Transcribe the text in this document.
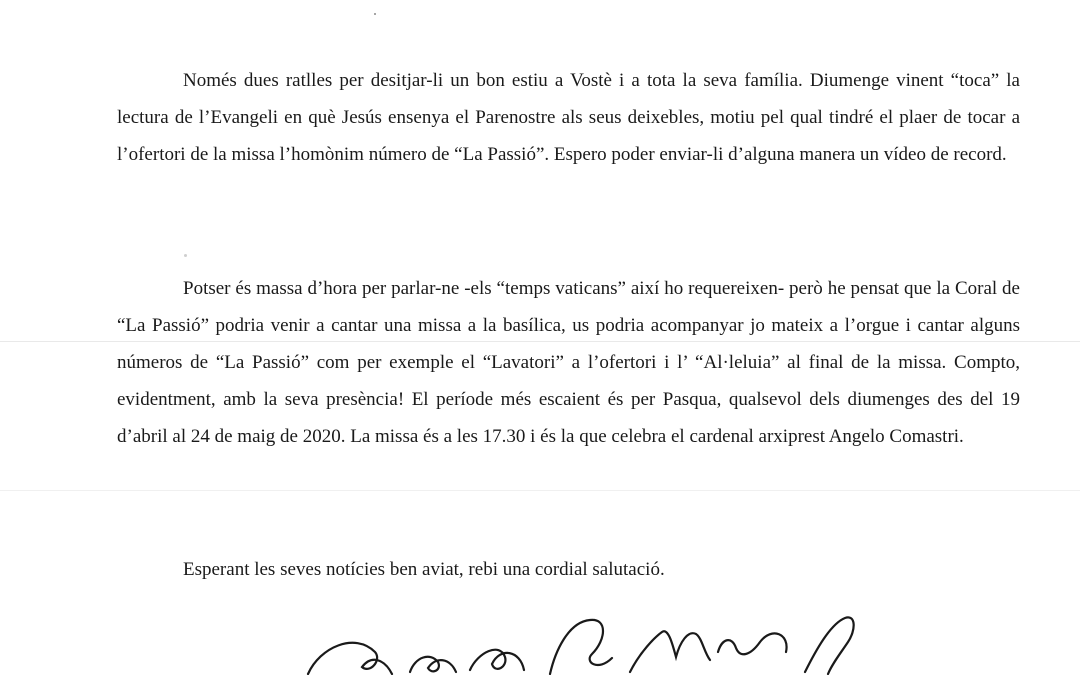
Només dues ratlles per desitjar-li un bon estiu a Vostè i a tota la seva família. Diumenge vinent “toca” la lectura de l’Evangeli en què Jesús ensenya el Parenostre als seus deixebles, motiu pel qual tindré el plaer de tocar a l’ofertori de la missa l’homònim número de “La Passió”. Espero poder enviar-li d’alguna manera un vídeo de record.

Potser és massa d’hora per parlar-ne -els “temps vaticans” així ho requereixen- però he pensat que la Coral de “La Passió” podria venir a cantar una missa a la basílica, us podria acompanyar jo mateix a l’orgue i cantar alguns números de “La Passió” com per exemple el “Lavatori” a l’ofertori i l’ “Al·leluia” al final de la missa. Compto, evidentment, amb la seva presència! El període més escaient és per Pasqua, qualsevol dels diumenges des del 19 d’abril al 24 de maig de 2020. La missa és a les 17.30 i és la que celebra el cardenal arxiprest Angelo Comastri.

Esperant les seves notícies ben aviat, rebi una cordial salutació.
